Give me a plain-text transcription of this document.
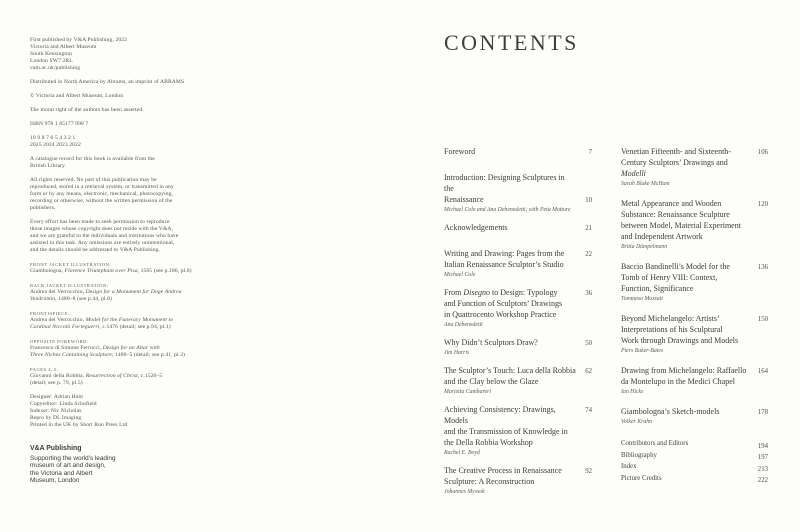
First published by V&A Publishing, 2022
Victoria and Albert Museum
South Kensington
London SW7 2RL
vam.ac.uk/publishing
Distributed in North America by Abrams, an imprint of ABRAMS
© Victoria and Albert Museum, London
The moral right of the authors has been asserted.
ISBN 978 1 85177 998 7
10 9 8 7 6 5 4 3 2 1
2025 2024 2023 2022
A catalogue record for this book is available from the
British Library.
All rights reserved. No part of this publication may be
reproduced, stored in a retrieval system, or transmitted in any
form or by any means, electronic, mechanical, photocopying,
recording or otherwise, without the written permission of the
publishers.
Every effort has been made to seek permission to reproduce
those images whose copyright does not reside with the V&A,
and we are grateful to the individuals and institutions who have
assisted in this task. Any omissions are entirely unintentional,
and the details should be addressed to V&A Publishing.
FRONT JACKET ILLUSTRATION:
Giambologna, Florence Triumphant over Pisa, 1565 (see p.186, pl.6)
BACK JACKET ILLUSTRATION:
Andrea del Verrocchio, Design for a Monument for Doge Andrea
Vendramin, 1480–8 (see p.44, pl.8)
FRONTISPIECE:
Andrea del Verrocchio, Model for the Funerary Monument to
Cardinal Niccolò Forteguerri, c.1476 (detail; see p.94, pl.1)
OPPOSITE FOREWORD:
Francesco di Simone Ferrucci, Design for an Altar with
Three Niches Containing Sculpture, 1480–5 (detail; see p.41, pl.3)
PAGES 4–5:
Giovanni della Robbia, Resurrection of Christ, c.1520–5
(detail; see p. 79, pl.5)
Designer: Adrian Hunt
Copyeditor: Linda Schofield
Indexer: Nic Nicholas
Repro by DL Imaging
Printed in the UK by Short Run Press Ltd
V&A Publishing
Supporting the world’s leading
museum of art and design,
the Victoria and Albert
Museum, London
CONTENTS
Foreword	7
Introduction: Designing Sculptures in the
Renaissance	10
Michael Cole and Ana Debenedetti, with Peta Motture
Acknowledgements	21
Writing and Drawing: Pages from the	22
Italian Renaissance Sculptor’s Studio
Michael Cole
From Disegno to Design: Typology	36
and Function of Sculptors’ Drawings
in Quattrocento Workshop Practice
Ana Debenedetti
Why Didn’t Sculptors Draw?	50
Jim Harris
The Sculptor’s Touch: Luca della Robbia 62
and the Clay below the Glaze
Marietta Cambareri
Achieving Consistency: Drawings, Models
74
and the Transmission of Knowledge in
the Della Robbia Workshop
Rachel E. Boyd
The Creative Process in Renaissance	92
Sculpture: A Reconstruction
Johannes Myssok
Venetian Fifteenth- and Sixteenth-	106
Century Sculptors’ Drawings and Modelli
Sarah Blake McHam
Metal Appearance and Wooden	120
Substance: Renaissance Sculpture
between Model, Material Experiment
and Independent Artwork
Britta Dümpelmann
Baccio Bandinelli’s Model for the	136
Tomb of Henry VIII: Context,
Function, Significance
Tommaso Mozzati
Beyond Michelangelo: Artists’	150
Interpretations of his Sculptural
Work through Drawings and Models
Piers Baker-Bates
Drawing from Michelangelo: Raffaello 164
da Montelupo in the Medici Chapel
Ian Hicks
Giambologna’s Sketch-models	178
Volker Krahn
Contributors and Editors	194
Bibliography	197
Index	213
Picture Credits	222
